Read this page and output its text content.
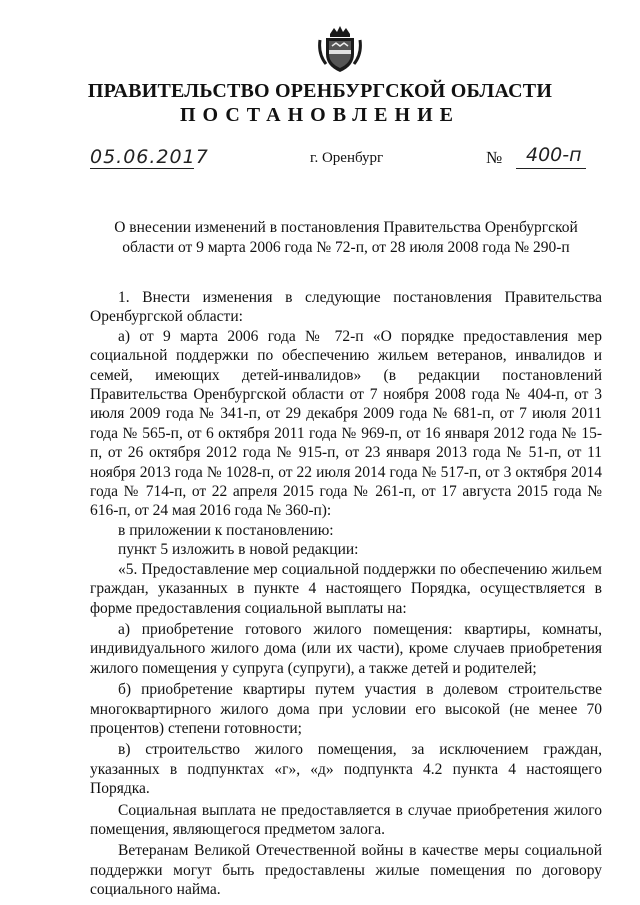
ПРАВИТЕЛЬСТВО ОРЕНБУРГСКОЙ ОБЛАСТИ
ПОСТАНОВЛЕНИЕ
05.06.2017	г. Оренбург	№ 400-п
О внесении изменений в постановления Правительства Оренбургской области от 9 марта 2006 года № 72-п, от 28 июля 2008 года № 290-п

1. Внести изменения в следующие постановления Правительства Оренбургской области:

а) от 9 марта 2006 года № 72-п «О порядке предоставления мер социальной поддержки по обеспечению жильем ветеранов, инвалидов и семей, имеющих детей-инвалидов» (в редакции постановлений Правительства Оренбургской области от 7 ноября 2008 года № 404-п, от 3 июля 2009 года № 341-п, от 29 декабря 2009 года № 681-п, от 7 июля 2011 года № 565-п, от 6 октября 2011 года № 969-п, от 16 января 2012 года № 15-п, от 26 октября 2012 года № 915-п, от 23 января 2013 года № 51-п, от 11 ноября 2013 года № 1028-п, от 22 июля 2014 года № 517-п, от 3 октября 2014 года № 714-п, от 22 апреля 2015 года № 261-п, от 17 августа 2015 года № 616-п, от 24 мая 2016 года № 360-п):

в приложении к постановлению:

пункт 5 изложить в новой редакции:

«5. Предоставление мер социальной поддержки по обеспечению жильем граждан, указанных в пункте 4 настоящего Порядка, осуществляется в форме предоставления социальной выплаты на:

а) приобретение готового жилого помещения: квартиры, комнаты, индивидуального жилого дома (или их части), кроме случаев приобретения жилого помещения у супруга (супруги), а также детей и родителей;

б) приобретение квартиры путем участия в долевом строительстве многоквартирного жилого дома при условии его высокой (не менее 70 процентов) степени готовности;

в) строительство жилого помещения, за исключением граждан, указанных в подпунктах «г», «д» подпункта 4.2 пункта 4 настоящего Порядка.

Социальная выплата не предоставляется в случае приобретения жилого помещения, являющегося предметом залога.

Ветеранам Великой Отечественной войны в качестве меры социальной поддержки могут быть предоставлены жилые помещения по договору социального найма.
